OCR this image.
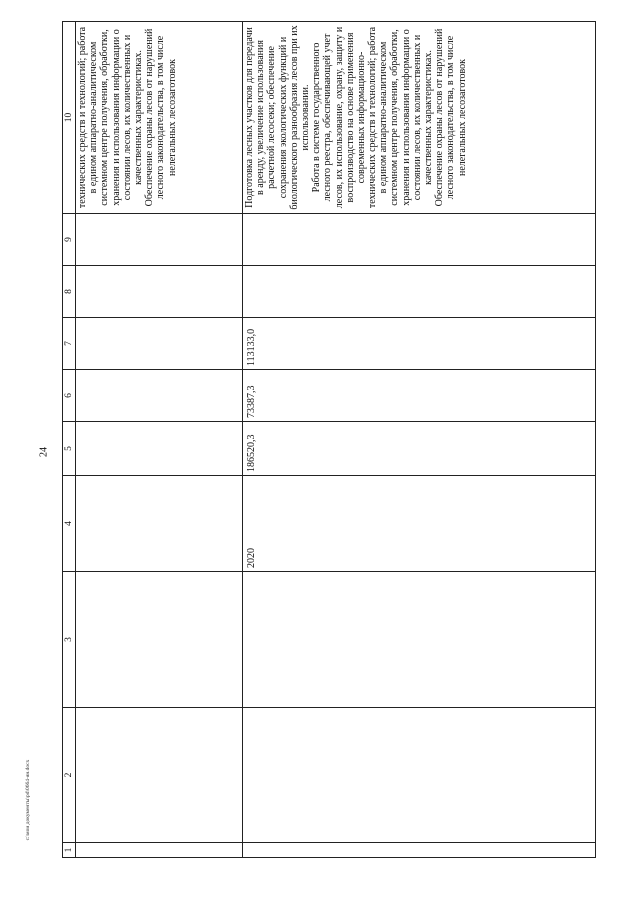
24
c:\мои документы\pd\0664-ян.docx
1	2	3	4	5	6	7	8	9	10
									технических средств и технологий; работа в едином аппаратно-аналитическом системном центре получения, обработки, хранения и использования информации о состоянии лесов, их количественных и качественных характеристиках. Обеспечение охраны лесов от нарушений лесного законодательства, в том числе нелегальных лесозаготовок
			2020	186520,3	73387,3	113133,0			Подготовка лесных участков для передачи в аренду, увеличение использования расчетной лесосеки; обеспечение сохранения экологических функций и биологического разнообразия лесов при их использовании. Работа в системе государственного лесного реестра, обеспечивающей учет лесов, их использование, охрану, защиту и воспроизводство на основе применения современных информационно-технических средств и технологий; работа в едином аппаратно-аналитическом системном центре получения, обработки, хранения и использования информации о состоянии лесов, их количественных и качественных характеристиках. Обеспечение охраны лесов от нарушений лесного законодательства, в том числе нелегальных лесозаготовок
